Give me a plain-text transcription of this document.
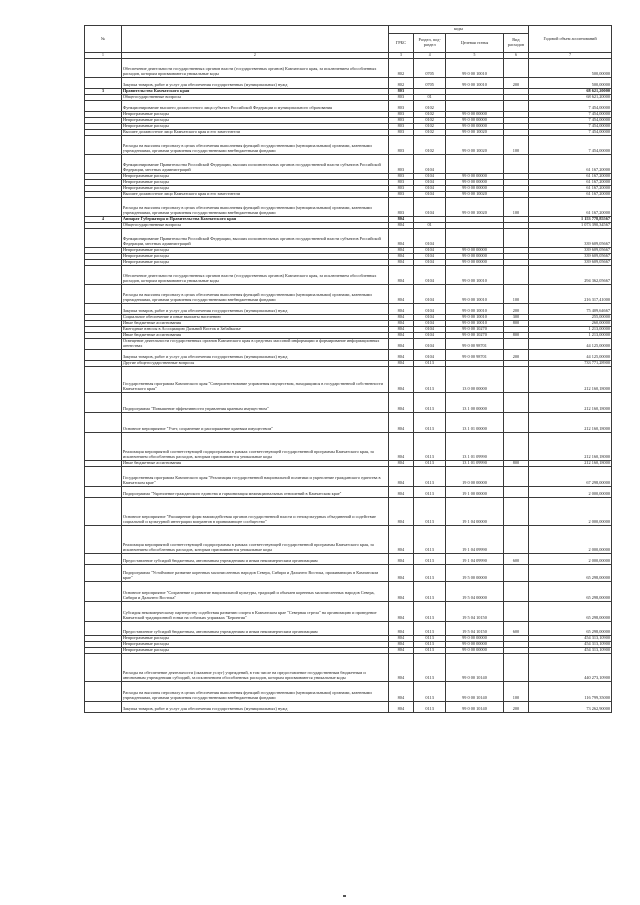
№		коды				Годовой объем ассигнований
		ГРБС	Раздел, под-раздел	Целевая статья	Вид расходов	
1	2	3	4	5	6	7
	Обеспечение деятельности государственных органов власти (государственных органов) Камчатского края, за исключением обособленных расходов, которым присваиваются уникальные коды	802	0705	99 0 00 10010		500,00000
	Закупка товаров, работ и услуг для обеспечения государственных (муниципальных) нужд	802	0705	99 0 00 10010	200	500,00000
3	Правительство Камчатского края	803				68 621,20000
	Общегосударственные вопросы	803	01			68 621,20000
	Функционирование высшего должностного лица субъекта Российской Федерации и муниципального образования	803	0102			7 454,00000
	Непрограммные расходы	803	0102	99 0 00 00000		7 454,00000
	Непрограммные расходы	803	0102	99 0 00 00000		7 454,00000
	Непрограммные расходы	803	0102	99 0 00 00000		7 454,00000
	Высшее должностное лицо Камчатского края и его заместители	803	0102	99 0 00 10020		7 454,00000
	Расходы на выплаты персоналу в целях обеспечения выполнения функций государственными (муниципальными) органами, казенными учреждениями, органами управления государственными внебюджетными фондами	803	0102	99 0 00 10020	100	7 454,00000
	Функционирование Правительства Российской Федерации, высших исполнительных органов государственной власти субъектов Российской Федерации, местных администраций	803	0104			61 167,20000
	Непрограммные расходы	803	0104	99 0 00 00000		61 167,20000
	Непрограммные расходы	803	0104	99 0 00 00000		61 167,20000
	Непрограммные расходы	803	0104	99 0 00 00000		61 167,20000
	Высшее должностное лицо Камчатского края и его заместители	803	0104	99 0 00 10020		61 167,20000
	Расходы на выплаты персоналу в целях обеспечения выполнения функций государственными (муниципальными) органами, казенными учреждениями, органами управления государственными внебюджетными фондами	803	0104	99 0 00 10020	100	61 167,20000
4	Аппарат Губернатора и Правительства Камчатского края	804				1 153 778,85567
	Общегосударственные вопросы	804	01			1 073 390,34567
	Функционирование Правительства Российской Федерации, высших исполнительных органов государственной власти субъектов Российской Федерации, местных администраций	804	0104			339 609,05667
	Непрограммные расходы	804	0104	99 0 00 00000		339 609,05667
	Непрограммные расходы	804	0104	99 0 00 00000		339 609,05667
	Непрограммные расходы	804	0104	99 0 00 00000		339 609,05667
	Обеспечение деятельности государственных органов власти (государственных органов) Камчатского края, за исключением обособленных расходов, которым присваиваются уникальные коды	804	0104	99 0 00 10010		294 362,05667
	Расходы на выплаты персоналу в целях обеспечения выполнения функций государственными (муниципальными) органами, казенными учреждениями, органами управления государственными внебюджетными фондами	804	0104	99 0 00 10010	100	216 317,41000
	Закупка товаров, работ и услуг для обеспечения государственных (муниципальных) нужд	804	0104	99 0 00 10010	200	75 409,64667
	Социальное обеспечение и иные выплаты населению	804	0104	99 0 00 10010	300	255,00000
	Иные бюджетные ассигнования	804	0104	99 0 00 10010	800	260,00000
	Ежегодные взносы в Ассоциацию Дальний Восток и Забайкалье	804	0104	99 0 00 10270		1 213,00000
	Иные бюджетные ассигнования	804	0104	99 0 00 10270	800	1 213,00000
	Освещение деятельности государственных органов Камчатского края в средствах массовой информации и формирование информационных агентствах	804	0104	99 0 00 98701		44 125,00000
	Закупка товаров, работ и услуг для обеспечения государственных (муниципальных) нужд	804	0104	99 0 00 98701	200	44 125,00000
	Другие общегосударственные вопросы	804	0113			733 771,28900
	Государственная программа Камчатского края "Совершенствование управления имуществом, находящимся в государственной собственности Камчатского края"	804	0113	13 0 00 00000		212 160,18000
	Подпрограмма "Повышение эффективности управления краевым имуществом"	804	0113	13 1 00 00000		212 160,18000
	Основное мероприятие "Учет, сохранение и распоряжение краевым имуществом"	804	0113	13 1 01 00000		212 160,18000
	Реализация мероприятий соответствующей подпрограммы в рамках соответствующей государственной программы Камчатского края, за исключением обособленных расходов, которым присваиваются уникальные коды	804	0113	13 1 01 09990		212 160,18000
	Иные бюджетные ассигнования	804	0113	13 1 01 09990	800	212 160,18000
	Государственная программа Камчатского края "Реализация государственной национальной политики и укрепление гражданского единства в Камчатском крае"	804	0113	19 0 00 00000		67 298,00000
	Подпрограмма "Укрепление гражданского единства и гармонизация межнациональных отношений в Камчатском крае"	804	0113	19 1 00 00000		2 000,00000
	Основное мероприятие "Расширение форм взаимодействия органов государственной власти и этнокультурных объединений и содействие социальной и культурной интеграции мигрантов в принимающее сообщество"	804	0113	19 1 04 00000		2 000,00000
	Реализация мероприятий соответствующей подпрограммы в рамках соответствующей государственной программы Камчатского края, за исключением обособленных расходов, которым присваиваются уникальные коды	804	0113	19 1 04 09990		2 000,00000
	Предоставление субсидий бюджетным, автономным учреждениям и иным некоммерческим организациям	804	0113	19 1 04 09990	600	2 000,00000
	Подпрограмма "Устойчивое развитие коренных малочисленных народов Севера, Сибири и Дальнего Востока, проживающих в Камчатском крае"	804	0113	19 5 00 00000		65 298,00000
	Основное мероприятие "Сохранение и развитие национальной культуры, традиций и обычаев коренных малочисленных народов Севера, Сибири и Дальнего Востока"	804	0113	19 5 04 00000		65 298,00000
	Субсидия некоммерческому партнерству содействия развитию спорта в Камчатском крае "Северная стрела" на организацию и проведение Камчатской традиционной гонки на собачьих упряжках "Берингия"	804	0113	19 5 04 10150		65 298,00000
	Предоставление субсидий бюджетным, автономным учреждениям и иным некоммерческим организациям	804	0113	19 5 04 10150	600	65 298,00000
	Непрограммные расходы	804	0113	99 0 00 00000		454 313,10900
	Непрограммные расходы	804	0113	99 0 00 00000		454 313,10900
	Непрограммные расходы	804	0113	99 0 00 00000		454 313,10900
	Расходы на обеспечение деятельности (оказание услуг) учреждений, в том числе на предоставление государственным бюджетным и автономным учреждениям субсидий, за исключением обособленных расходов, которым присваиваются уникальные коды	804	0113	99 0 00 10140		440 273,10900
	Расходы на выплаты персоналу в целях обеспечения выполнения функций государственными (муниципальными) органами, казенными учреждениями, органами управления государственными внебюджетными фондами	804	0113	99 0 00 10140	100	116 799,35000
	Закупка товаров, работ и услуг для обеспечения государственных (муниципальных) нужд	804	0113	99 0 00 10140	200	73 262,90000
